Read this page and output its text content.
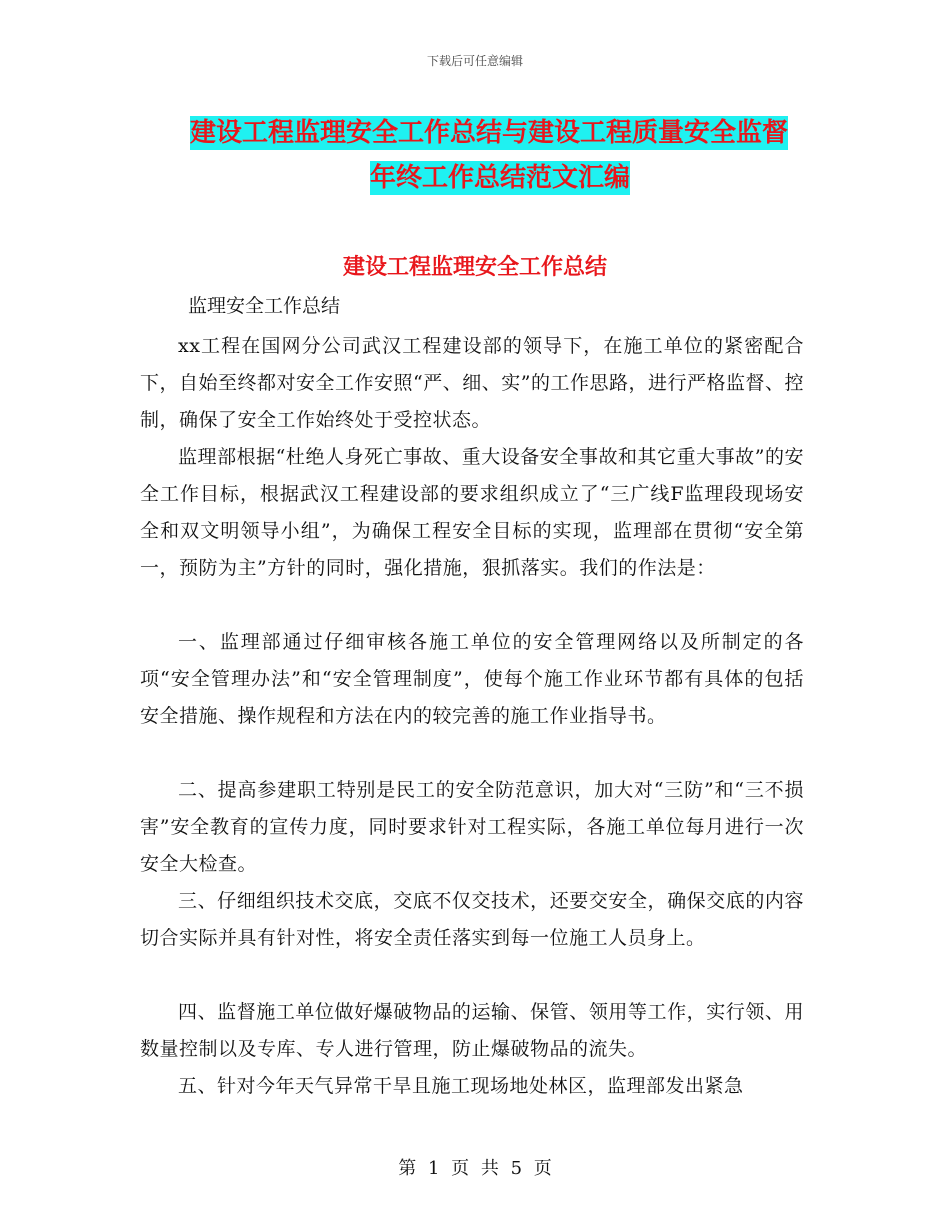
下载后可任意编辑
建设工程监理安全工作总结与建设工程质量安全监督
年终工作总结范文汇编
建设工程监理安全工作总结
监理安全工作总结

xx工程在国网分公司武汉工程建设部的领导下，在施工单位的紧密配合下，自始至终都对安全工作安照“严、细、实”的工作思路，进行严格监督、控制，确保了安全工作始终处于受控状态。

监理部根据“杜绝人身死亡事故、重大设备安全事故和其它重大事故”的安全工作目标，根据武汉工程建设部的要求组织成立了“三广线F监理段现场安全和双文明领导小组”，为确保工程安全目标的实现，监理部在贯彻“安全第一，预防为主”方针的同时，强化措施，狠抓落实。我们的作法是：

一、监理部通过仔细审核各施工单位的安全管理网络以及所制定的各项“安全管理办法”和“安全管理制度”，使每个施工作业环节都有具体的包括安全措施、操作规程和方法在内的较完善的施工作业指导书。

二、提高参建职工特别是民工的安全防范意识，加大对“三防”和“三不损害”安全教育的宣传力度，同时要求针对工程实际，各施工单位每月进行一次安全大检查。

三、仔细组织技术交底，交底不仅交技术，还要交安全，确保交底的内容切合实际并具有针对性，将安全责任落实到每一位施工人员身上。

四、监督施工单位做好爆破物品的运输、保管、领用等工作，实行领、用数量控制以及专库、专人进行管理，防止爆破物品的流失。

五、针对今年天气异常干旱且施工现场地处林区，监理部发出紧急

第 1 页 共 5 页
